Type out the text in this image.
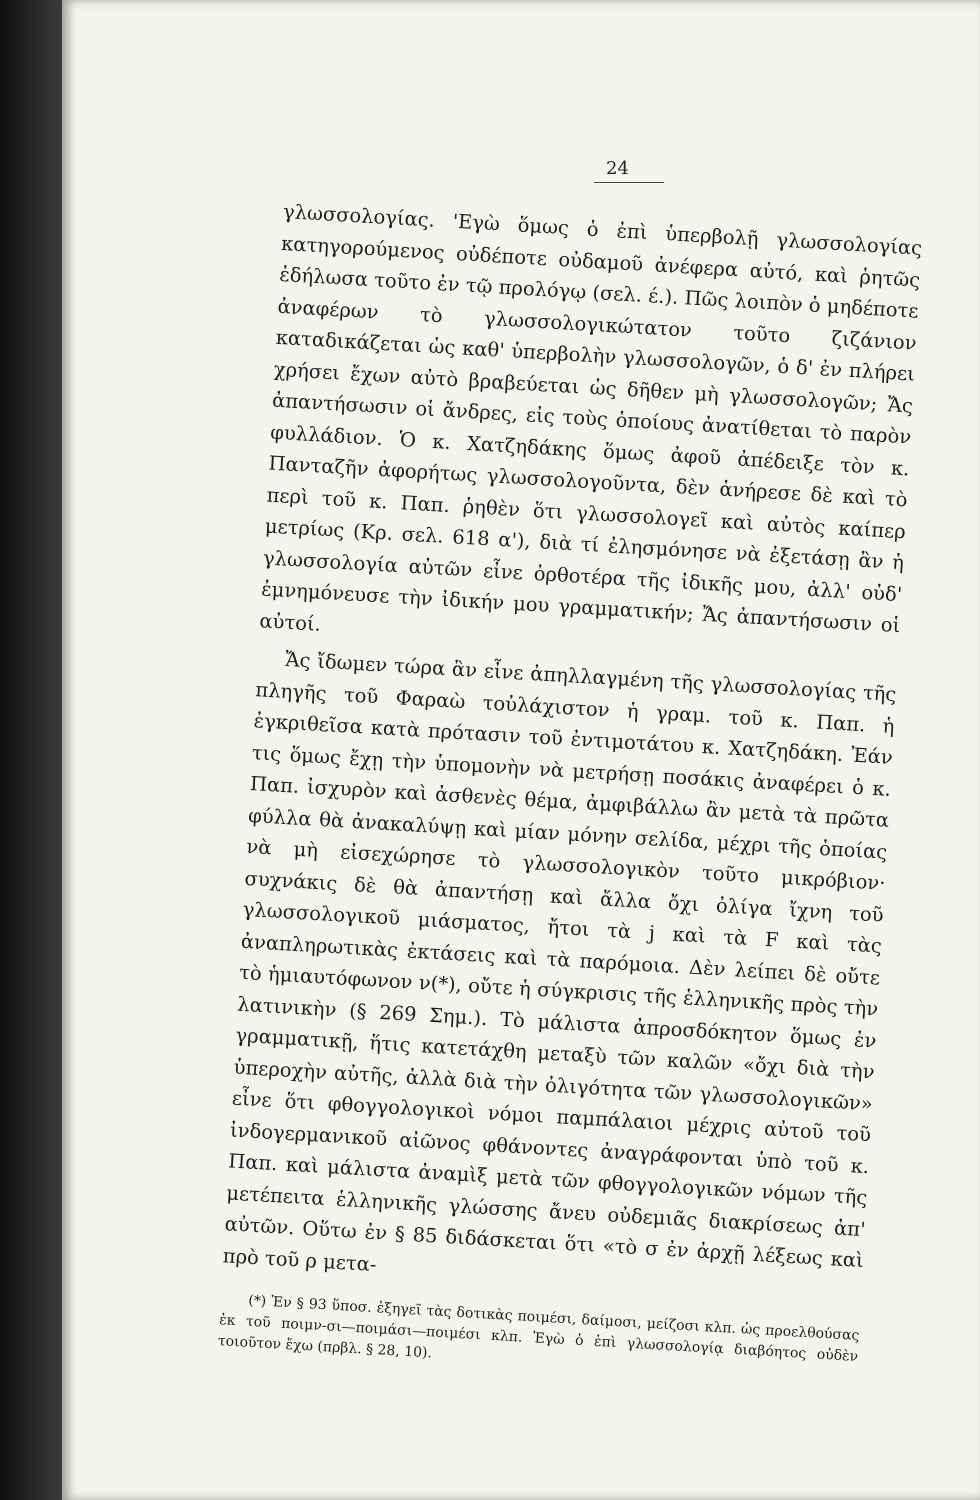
24

γλωσσολογίας. 'Εγὼ ὅμως ὁ ἐπὶ ὑπερβολῇ γλωσσολογίας κατηγορούμενος οὐδέποτε οὐδαμοῦ ἀνέφερα αὐτό, καὶ ῥητῶς ἐδήλωσα τοῦτο ἐν τῷ προλόγῳ (σελ. έ.). Πῶς λοιπὸν ὁ μηδέποτε ἀναφέρων τὸ γλωσσολογικώτατον τοῦτο ζιζάνιον καταδικάζεται ὡς καθ' ὑπερβολὴν γλωσσολογῶν, ὁ δ' ἐν πλήρει χρήσει ἔχων αὐτὸ βραβεύεται ὡς δῆθεν μὴ γλωσσολογῶν; Ἄς ἀπαντήσωσιν οἱ ἄνδρες, εἰς τοὺς ὁποίους ἀνατίθεται τὸ παρὸν φυλλάδιον. Ὁ κ. Χατζηδάκης ὅμως ἀφοῦ ἀπέδειξε τὸν κ. Πανταζῆν ἀφορήτως γλωσσολογοῦντα, δὲν ἀνήρεσε δὲ καὶ τὸ περὶ τοῦ κ. Παπ. ῥηθὲν ὅτι γλωσσολογεῖ καὶ αὐτὸς καίπερ μετρίως (Κρ. σελ. 618 α'), διὰ τί ἐλησμόνησε νὰ ἐξετάσῃ ἂν ἡ γλωσσολογία αὐτῶν εἶνε ὀρθοτέρα τῆς ἰδικῆς μου, ἀλλ' οὐδ' ἐμνημόνευσε τὴν ἰδικήν μου γραμματικήν; Ἄς ἀπαντήσωσιν οἱ αὐτοί.

Ἄς ἴδωμεν τώρα ἂν εἶνε ἀπηλλαγμένη τῆς γλωσσολογίας τῆς πληγῆς τοῦ Φαραὼ τοὐλάχιστον ἡ γραμ. τοῦ κ. Παπ. ἡ ἐγκριθεῖσα κατὰ πρότασιν τοῦ ἐντιμοτάτου κ. Χατζηδάκη. Ἐάν τις ὅμως ἔχῃ τὴν ὑπομονὴν νὰ μετρήσῃ ποσάκις ἀναφέρει ὁ κ. Παπ. ἰσχυρὸν καὶ ἀσθενὲς θέμα, ἀμφιβάλλω ἂν μετὰ τὰ πρῶτα φύλλα θὰ ἀνακαλύψῃ καὶ μίαν μόνην σελίδα, μέχρι τῆς ὁποίας νὰ μὴ εἰσεχώρησε τὸ γλωσσολογικὸν τοῦτο μικρόβιον· συχνάκις δὲ θὰ ἀπαντήσῃ καὶ ἄλλα ὄχι ὀλίγα ἴχνη τοῦ γλωσσολογικοῦ μιάσματος, ἤτοι τὰ j καὶ τὰ F καὶ τὰς ἀναπληρωτικὰς ἐκτάσεις καὶ τὰ παρόμοια. Δὲν λείπει δὲ οὔτε τὸ ἡμιαυτόφωνον ν(*), οὔτε ἡ σύγκρισις τῆς ἑλληνικῆς πρὸς τὴν λατινικὴν (§ 269 Σημ.). Τὸ μάλιστα ἀπροσδόκητον ὅμως ἐν γραμματικῇ, ἥτις κατετάχθη μεταξὺ τῶν καλῶν «ὄχι διὰ τὴν ὑπεροχὴν αὐτῆς, ἀλλὰ διὰ τὴν ὀλιγότητα τῶν γλωσσολογικῶν» εἶνε ὅτι φθογγολογικοὶ νόμοι παμπάλαιοι μέχρις αὐτοῦ τοῦ ἰνδογερμανικοῦ αἰῶνος φθάνοντες ἀναγράφονται ὑπὸ τοῦ κ. Παπ. καὶ μάλιστα ἀναμὶξ μετὰ τῶν φθογγολογικῶν νόμων τῆς μετέπειτα ἑλληνικῆς γλώσσης ἄνευ οὐδεμιᾶς διακρίσεως ἀπ' αὐτῶν. Οὕτω ἐν § 85 διδάσκεται ὅτι «τὸ σ ἐν ἀρχῇ λέξεως καὶ πρὸ τοῦ ρ μετα-

(*) Ἐν § 93 ὕποσ. ἐξηγεῖ τὰς δοτικὰς ποιμέσι, δαίμοσι, μείζοσι κλπ. ὡς προελθούσας ἐκ τοῦ ποιμν-σι—ποιμάσι—ποιμέσι κλπ. Ἐγὼ ὁ ἐπὶ γλωσσολογίᾳ διαβόητος οὐδὲν τοιοῦτον ἔχω (πρβλ. § 28, 10).
